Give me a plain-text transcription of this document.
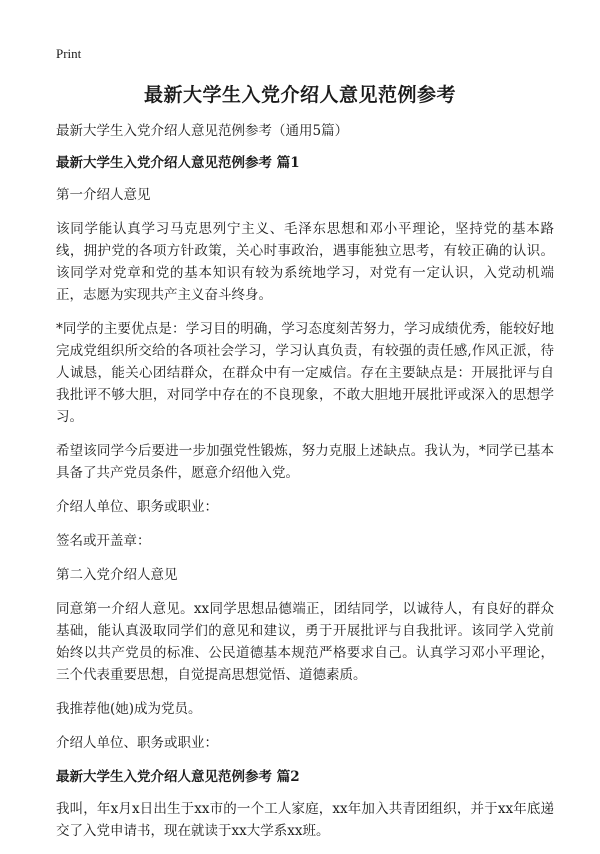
Print
最新大学生入党介绍人意见范例参考

最新大学生入党介绍人意见范例参考（通用5篇）

最新大学生入党介绍人意见范例参考 篇1

第一介绍人意见

该同学能认真学习马克思列宁主义、毛泽东思想和邓小平理论，坚持党的基本路线，拥护党的各项方针政策，关心时事政治，遇事能独立思考，有较正确的认识。该同学对党章和党的基本知识有较为系统地学习，对党有一定认识，入党动机端正，志愿为实现共产主义奋斗终身。

*同学的主要优点是：学习目的明确，学习态度刻苦努力，学习成绩优秀，能较好地完成党组织所交给的各项社会学习，学习认真负责，有较强的责任感,作风正派，待人诚恳，能关心团结群众，在群众中有一定威信。存在主要缺点是：开展批评与自我批评不够大胆，对同学中存在的不良现象，不敢大胆地开展批评或深入的思想学习。

希望该同学今后要进一步加强党性锻炼，努力克服上述缺点。我认为，*同学已基本具备了共产党员条件，愿意介绍他入党。

介绍人单位、职务或职业：

签名或开盖章：

第二入党介绍人意见

同意第一介绍人意见。xx同学思想品德端正，团结同学，以诚待人，有良好的群众基础，能认真汲取同学们的意见和建议，勇于开展批评与自我批评。该同学入党前始终以共产党员的标准、公民道德基本规范严格要求自己。认真学习邓小平理论，三个代表重要思想，自觉提高思想觉悟、道德素质。

我推荐他(她)成为党员。

介绍人单位、职务或职业：

最新大学生入党介绍人意见范例参考 篇2

我叫，年x月x日出生于xx市的一个工人家庭，xx年加入共青团组织，并于xx年底递交了入党申请书，现在就读于xx大学系xx班。
